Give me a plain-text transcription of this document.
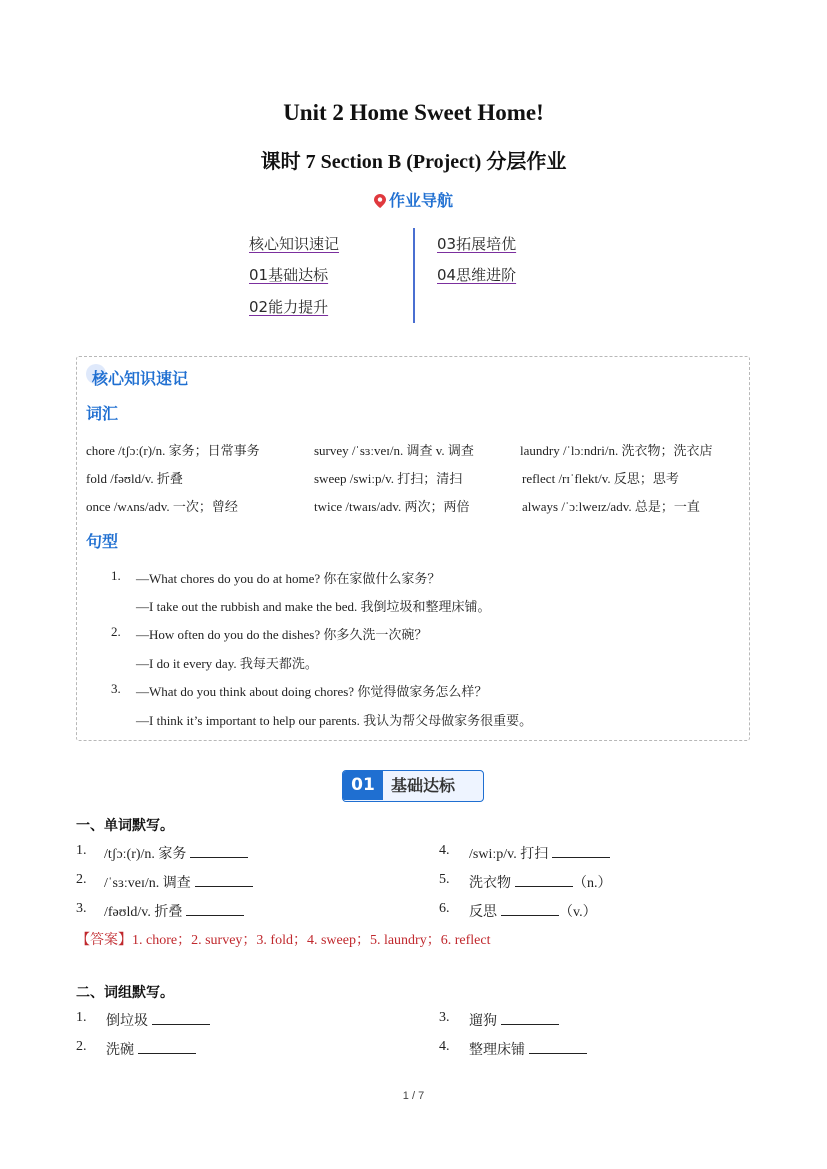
Unit 2 Home Sweet Home!
课时 7 Section B (Project) 分层作业
作业导航
核心知识速记
01基础达标
02能力提升
03拓展培优
04思维进阶
核心知识速记
词汇
chore /tʃɔː(r)/n. 家务；日常事务	survey /ˈsɜːveɪ/n. 调查 v. 调查	laundry /ˈlɔːndri/n. 洗衣物；洗衣店
fold /fəʊld/v. 折叠	sweep /swiːp/v. 打扫；清扫	reflect /rɪˈflekt/v. 反思；思考
once /wʌns/adv. 一次；曾经	twice /twaɪs/adv. 两次；两倍	always /ˈɔːlweɪz/adv. 总是；一直
句型
1. —What chores do you do at home? 你在家做什么家务？
—I take out the rubbish and make the bed. 我倒垃圾和整理床铺。
2. —How often do you do the dishes? 你多久洗一次碗？
—I do it every day. 我每天都洗。
3. —What do you think about doing chores? 你觉得做家务怎么样？
—I think it’s important to help our parents. 我认为帮父母做家务很重要。
01	基础达标
一、单词默写。
1. /tʃɔː(r)/n. 家务
2. /ˈsɜːveɪ/n. 调查
3. /fəʊld/v. 折叠
4. /swiːp/v. 打扫
5. 洗衣物	（n.）
6. 反思	（v.）
【答案】1. chore；2. survey；3. fold；4. sweep；5. laundry；6. reflect
二、词组默写。
1. 倒垃圾
2. 洗碗
3. 遛狗
4. 整理床铺
1 / 7
